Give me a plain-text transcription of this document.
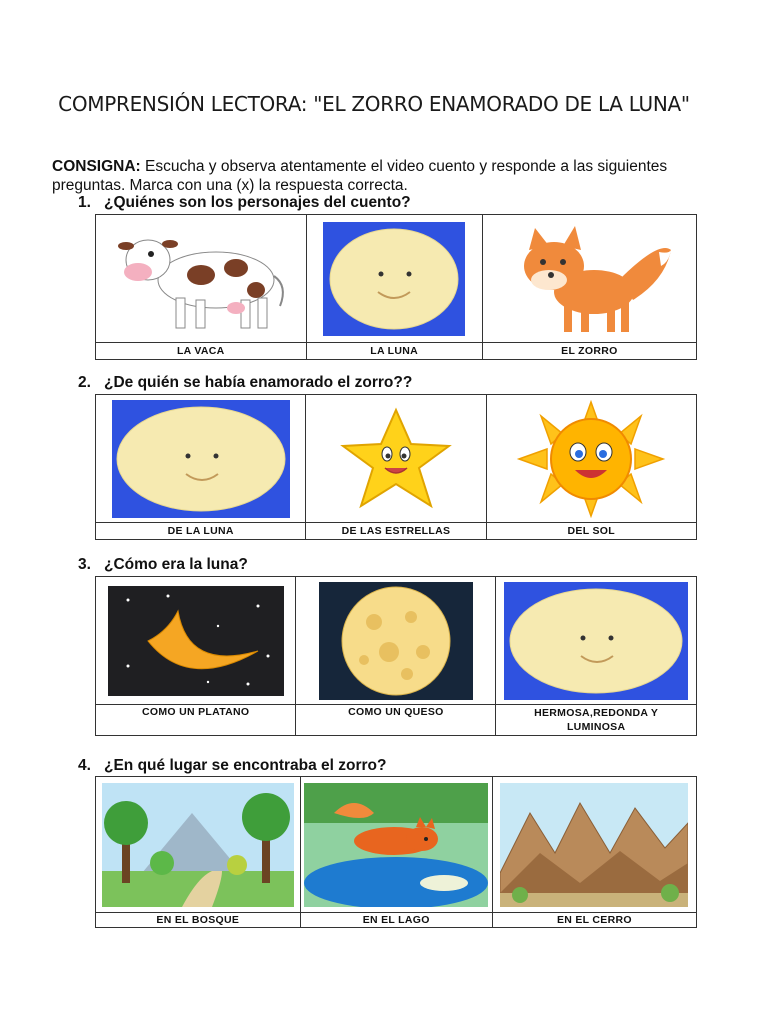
COMPRENSIÓN LECTORA: "EL ZORRO ENAMORADO DE LA LUNA"
CONSIGNA: Escucha y observa atentamente el video cuento y responde a las siguientes preguntas. Marca con una (x) la respuesta correcta.
1. ¿Quiénes son los personajes del cuento?

LA VACA	LA LUNA	EL ZORRO
2. ¿De quién se había enamorado el zorro??

DE LA LUNA	DE LAS ESTRELLAS	DEL SOL
3. ¿Cómo era la luna?

COMO UN PLATANO	COMO UN QUESO	HERMOSA,REDONDA Y LUMINOSA
4. ¿En qué lugar se encontraba el zorro?

EN EL BOSQUE	EN EL LAGO	EN EL CERRO
